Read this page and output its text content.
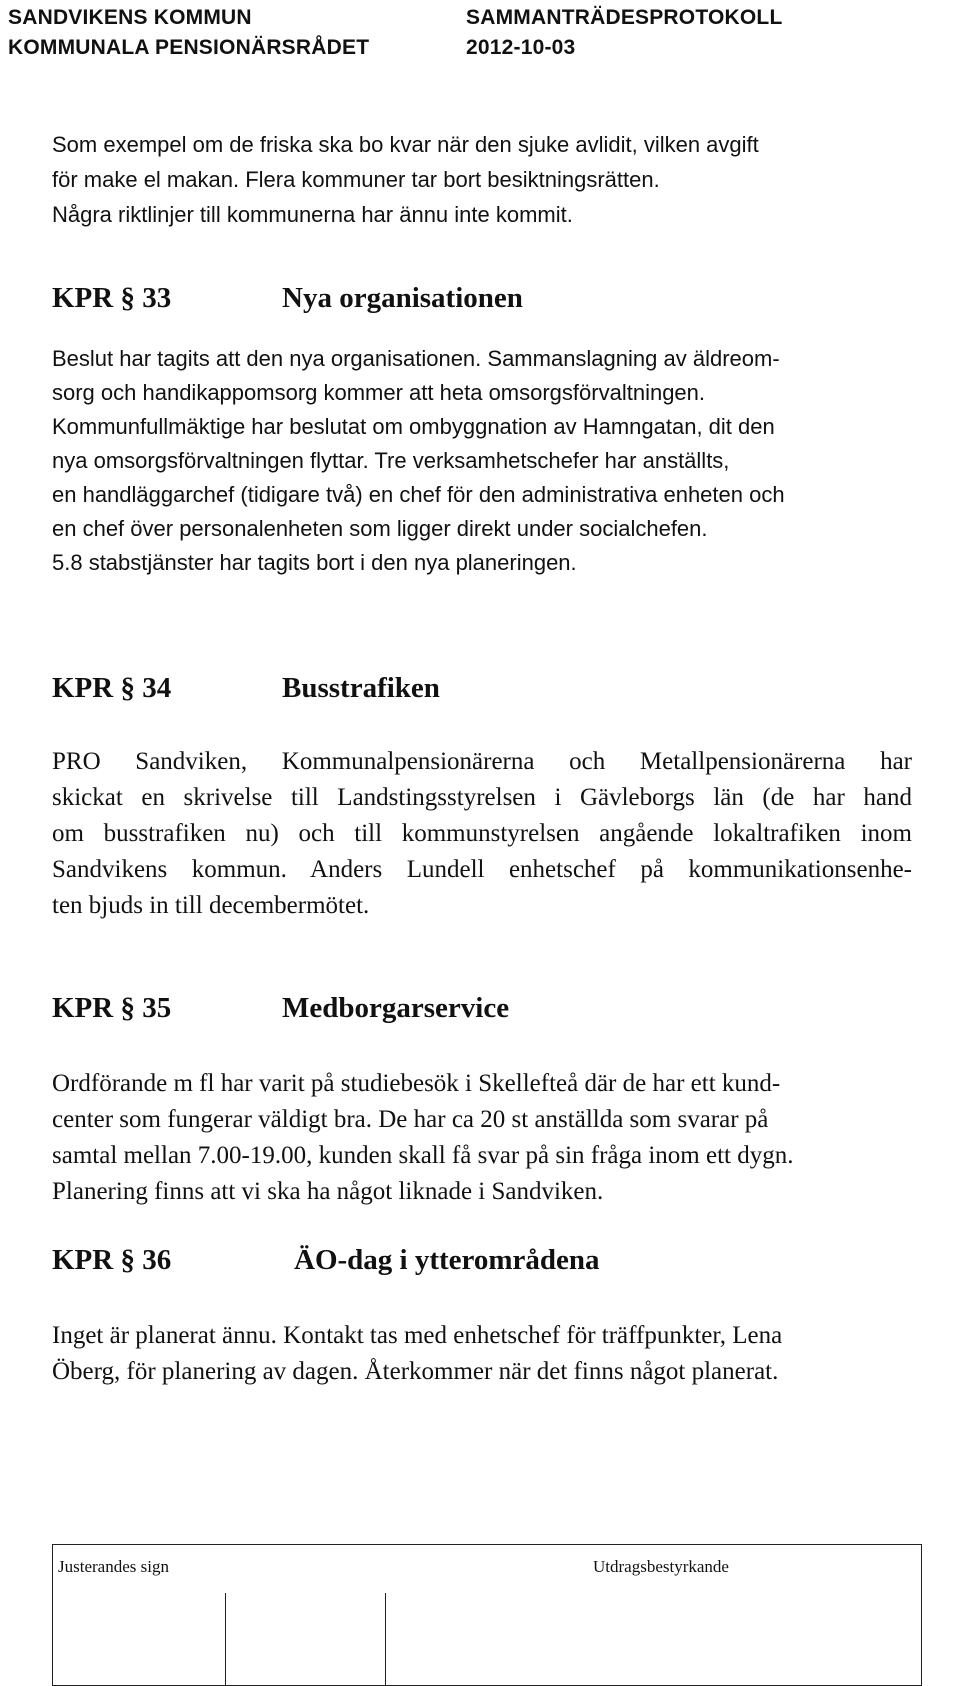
SANDVIKENS KOMMUN	SAMMANTRÄDESPROTOKOLL
KOMMUNALA PENSIONÄRSRÅDET	2012-10-03
Som exempel om de friska ska bo kvar när den sjuke avlidit, vilken avgift
för make el makan. Flera kommuner tar bort besiktningsrätten.
Några riktlinjer till kommunerna har ännu inte kommit.
KPR § 33	Nya organisationen
Beslut har tagits att den nya organisationen. Sammanslagning av äldreom-
sorg och handikappomsorg kommer att heta omsorgsförvaltningen.
Kommunfullmäktige har beslutat om ombyggnation av Hamngatan, dit den
nya omsorgsförvaltningen flyttar. Tre verksamhetschefer har anställts,
en handläggarchef (tidigare två) en chef för den administrativa enheten och
en chef över personalenheten som ligger direkt under socialchefen.
5.8 stabstjänster har tagits bort i den nya planeringen.
KPR § 34	Busstrafiken
PRO Sandviken, Kommunalpensionärerna och Metallpensionärerna har
skickat en skrivelse till Landstingsstyrelsen i Gävleborgs län (de har hand
om busstrafiken nu) och till kommunstyrelsen angående lokaltrafiken inom
Sandvikens kommun. Anders Lundell enhetschef på kommunikationsenhe-
ten bjuds in till decembermötet.
KPR § 35	Medborgarservice
Ordförande m fl har varit på studiebesök i Skellefteå där de har ett kund-
center som fungerar väldigt bra. De har ca 20 st anställda som svarar på
samtal mellan 7.00-19.00, kunden skall få svar på sin fråga inom ett dygn.
Planering finns att vi ska ha något liknade i Sandviken.
KPR § 36	ÄO-dag i ytterområdena
Inget är planerat ännu. Kontakt tas med enhetschef för träffpunkter, Lena
Öberg, för planering av dagen. Återkommer när det finns något planerat.
Justerandes sign	Utdragsbestyrkande
